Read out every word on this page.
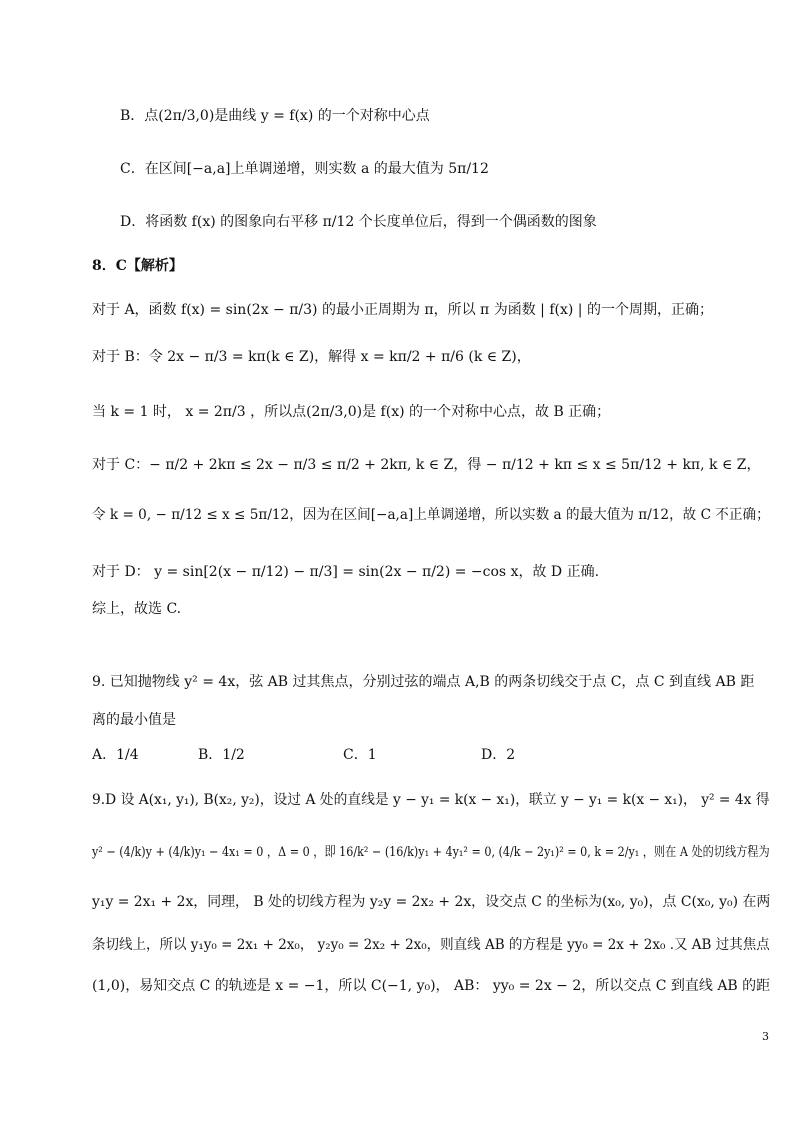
B．点(2π/3,0)是曲线 y = f(x) 的一个对称中心点
C．在区间[−a,a]上单调递增，则实数 a 的最大值为 5π/12
D．将函数 f(x) 的图象向右平移 π/12 个长度单位后，得到一个偶函数的图象
8．C【解析】
对于 A，函数 f(x) = sin(2x − π/3) 的最小正周期为 π，所以 π 为函数 | f(x) | 的一个周期，正确；
对于 B：令 2x − π/3 = kπ(k ∈ Z)，解得 x = kπ/2 + π/6 (k ∈ Z)，
当 k = 1 时， x = 2π/3 ，所以点(2π/3,0)是 f(x) 的一个对称中心点，故 B 正确；
对于 C：− π/2 + 2kπ ≤ 2x − π/3 ≤ π/2 + 2kπ, k ∈ Z，得 − π/12 + kπ ≤ x ≤ 5π/12 + kπ, k ∈ Z，
令 k = 0, − π/12 ≤ x ≤ 5π/12，因为在区间[−a,a]上单调递增，所以实数 a 的最大值为 π/12，故 C 不正确；
对于 D： y = sin[2(x − π/12) − π/3] = sin(2x − π/2) = −cos x，故 D 正确.
综上，故选 C.
9. 已知抛物线 y² = 4x，弦 AB 过其焦点，分别过弦的端点 A,B 的两条切线交于点 C，点 C 到直线 AB 距
离的最小值是
A．1/4	B．1/2	C．1	D．2
9.D 设 A(x₁, y₁), B(x₂, y₂)，设过 A 处的直线是 y − y₁ = k(x − x₁)，联立 y − y₁ = k(x − x₁)， y² = 4x 得
y² − (4/k)y + (4/k)y₁ − 4x₁ = 0 ，Δ = 0 ，即 16/k² − (16/k)y₁ + 4y₁² = 0, (4/k − 2y₁)² = 0, k = 2/y₁ ，则在 A 处的切线方程为
y₁y = 2x₁ + 2x，同理， B 处的切线方程为 y₂y = 2x₂ + 2x，设交点 C 的坐标为(x₀, y₀)，点 C(x₀, y₀) 在两
条切线上，所以 y₁y₀ = 2x₁ + 2x₀， y₂y₀ = 2x₂ + 2x₀，则直线 AB 的方程是 yy₀ = 2x + 2x₀ .又 AB 过其焦点
(1,0)，易知交点 C 的轨迹是 x = −1，所以 C(−1, y₀)， AB： yy₀ = 2x − 2，所以交点 C 到直线 AB 的距
3
